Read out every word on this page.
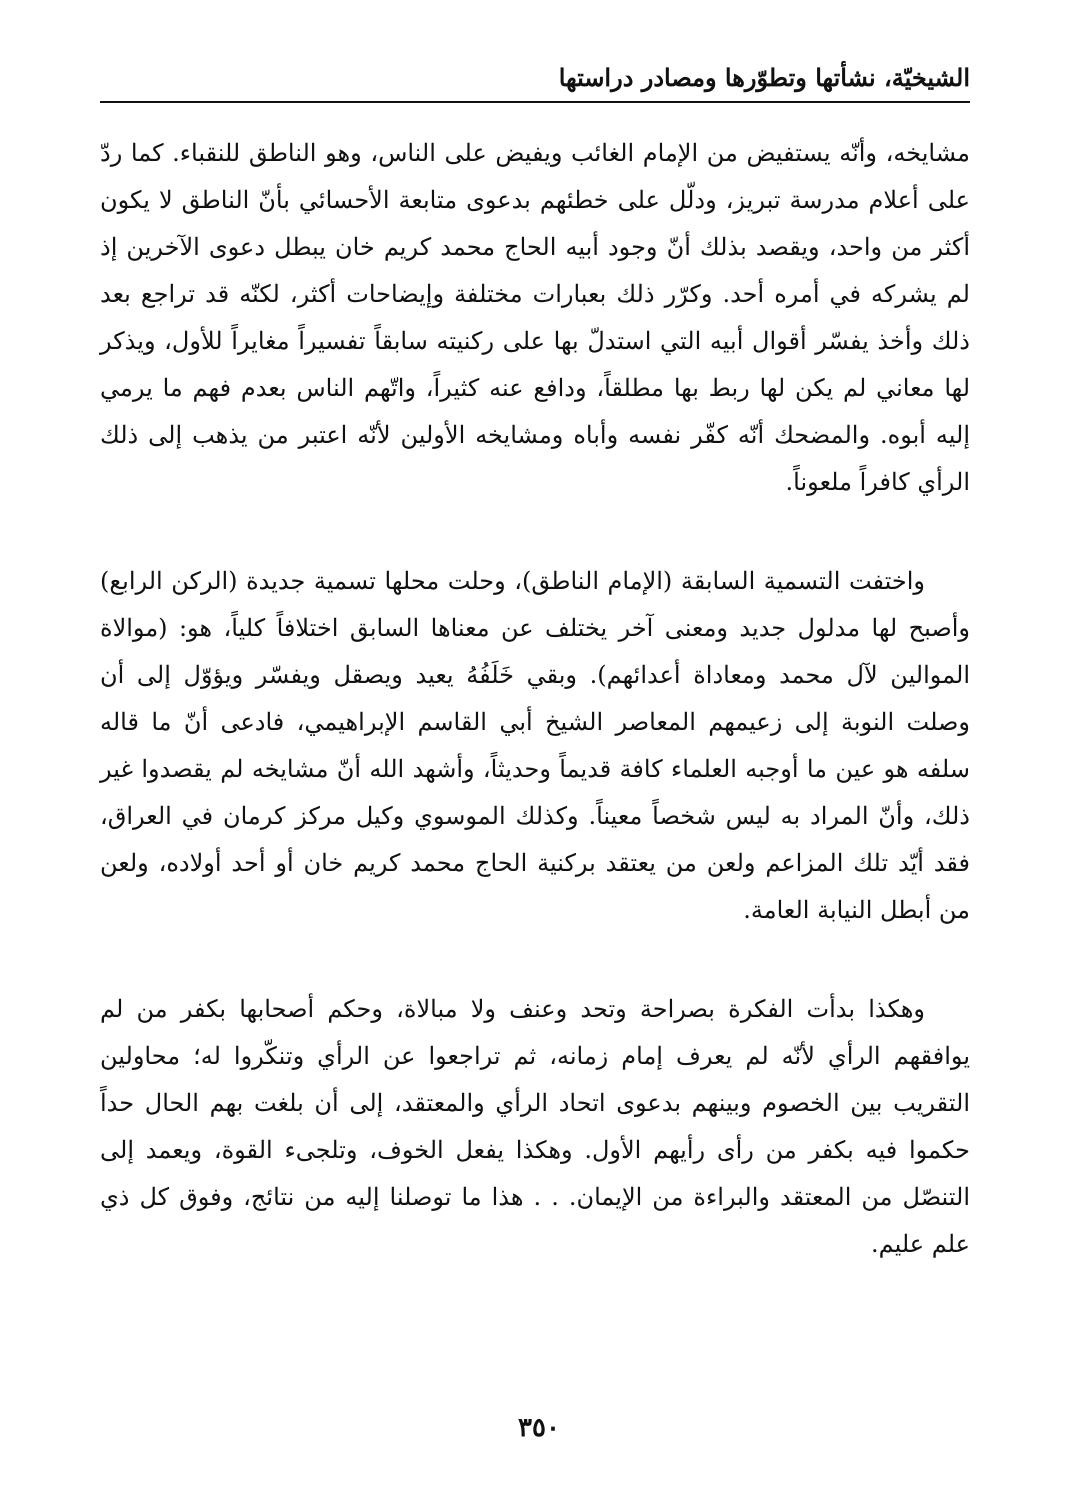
الشيخيّة، نشأتها وتطوّرها ومصادر دراستها

مشايخه، وأنّه يستفيض من الإمام الغائب ويفيض على الناس، وهو الناطق للنقباء. كما ردّ على أعلام مدرسة تبريز، ودلّل على خطئهم بدعوى متابعة الأحسائي بأنّ الناطق لا يكون أكثر من واحد، ويقصد بذلك أنّ وجود أبيه الحاج محمد كريم خان يبطل دعوى الآخرين إذ لم يشركه في أمره أحد. وكرّر ذلك بعبارات مختلفة وإيضاحات أكثر، لكنّه قد تراجع بعد ذلك وأخذ يفسّر أقوال أبيه التي استدلّ بها على ركنيته سابقاً تفسيراً مغايراً للأول، ويذكر لها معاني لم يكن لها ربط بها مطلقاً، ودافع عنه كثيراً، واتّهم الناس بعدم فهم ما يرمي إليه أبوه. والمضحك أنّه كفّر نفسه وأباه ومشايخه الأولين لأنّه اعتبر من يذهب إلى ذلك الرأي كافراً ملعوناً.

واختفت التسمية السابقة (الإمام الناطق)، وحلت محلها تسمية جديدة (الركن الرابع) وأصبح لها مدلول جديد ومعنى آخر يختلف عن معناها السابق اختلافاً كلياً، هو: (موالاة الموالين لآل محمد ومعاداة أعدائهم). وبقي خَلَفُهُ يعيد ويصقل ويفسّر ويؤوّل إلى أن وصلت النوبة إلى زعيمهم المعاصر الشيخ أبي القاسم الإبراهيمي، فادعى أنّ ما قاله سلفه هو عين ما أوجبه العلماء كافة قديماً وحديثاً، وأشهد الله أنّ مشايخه لم يقصدوا غير ذلك، وأنّ المراد به ليس شخصاً معيناً. وكذلك الموسوي وكيل مركز كرمان في العراق، فقد أيّد تلك المزاعم ولعن من يعتقد بركنية الحاج محمد كريم خان أو أحد أولاده، ولعن من أبطل النيابة العامة.

وهكذا بدأت الفكرة بصراحة وتحد وعنف ولا مبالاة، وحكم أصحابها بكفر من لم يوافقهم الرأي لأنّه لم يعرف إمام زمانه، ثم تراجعوا عن الرأي وتنكّروا له؛ محاولين التقريب بين الخصوم وبينهم بدعوى اتحاد الرأي والمعتقد، إلى أن بلغت بهم الحال حداً حكموا فيه بكفر من رأى رأيهم الأول. وهكذا يفعل الخوف، وتلجىء القوة، ويعمد إلى التنصّل من المعتقد والبراءة من الإيمان. . . هذا ما توصلنا إليه من نتائج، وفوق كل ذي علم عليم.

٣٥٠
